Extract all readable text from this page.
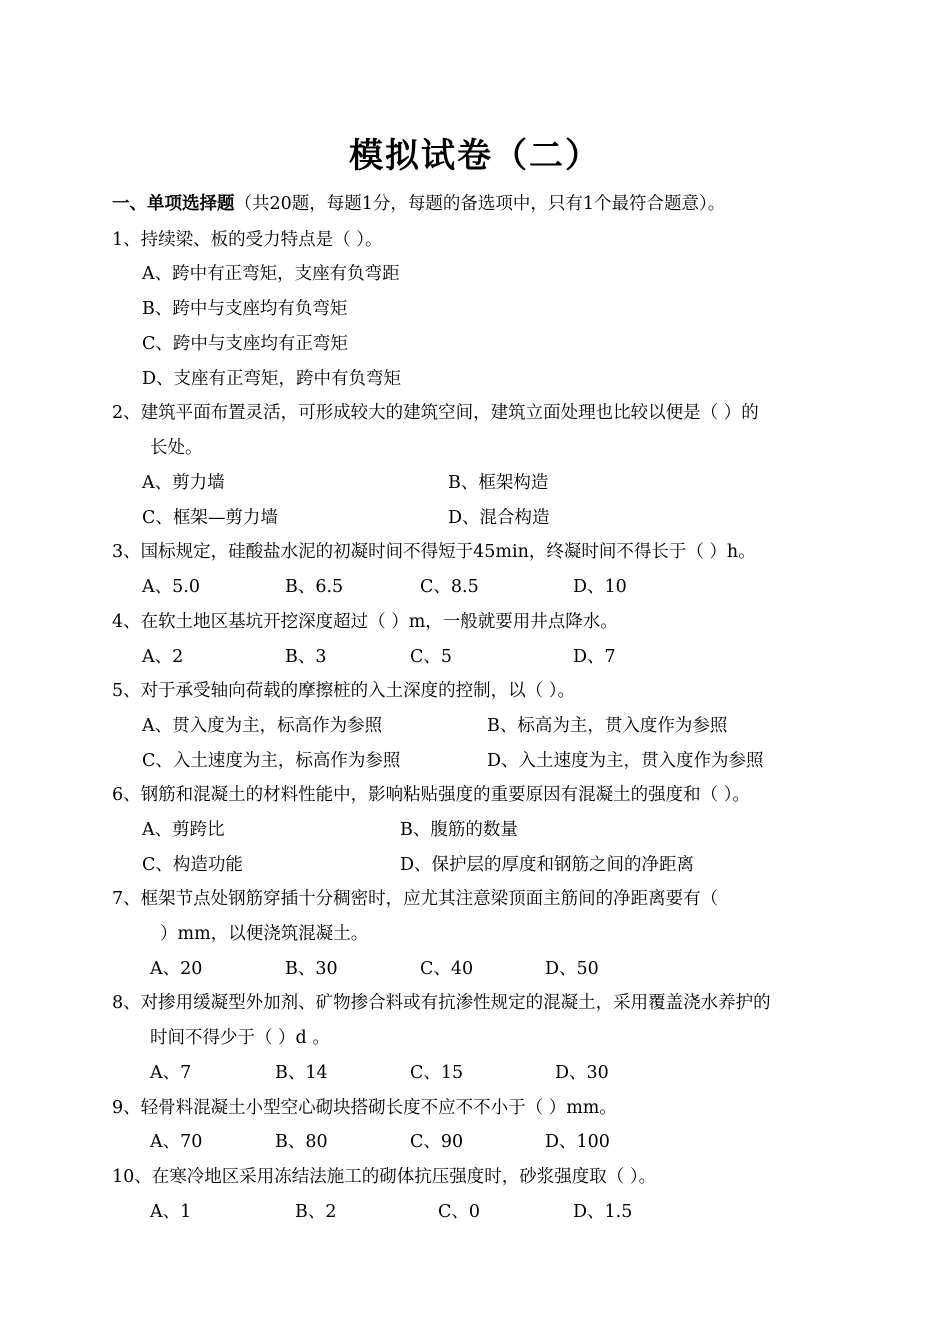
模拟试卷（二）
一、单项选择题（共20题，每题1分，每题的备选项中，只有1个最符合题意）。
1、持续梁、板的受力特点是（ ）。
A、跨中有正弯矩，支座有负弯距
B、跨中与支座均有负弯矩
C、跨中与支座均有正弯矩
D、支座有正弯矩，跨中有负弯矩
2、建筑平面布置灵活，可形成较大的建筑空间，建筑立面处理也比较以便是（ ）的
长处。
A、剪力墙	B、框架构造
C、框架—剪力墙	D、混合构造
3、国标规定，硅酸盐水泥的初凝时间不得短于45min，终凝时间不得长于（ ）h。
A、5.0	B、6.5	C、8.5	D、10
4、在软土地区基坑开挖深度超过（ ）m，一般就要用井点降水。
A、2	B、3	C、5	D、7
5、对于承受轴向荷载的摩擦桩的入土深度的控制，以（ ）。
A、贯入度为主，标高作为参照	B、标高为主，贯入度作为参照
C、入土速度为主，标高作为参照	D、入土速度为主，贯入度作为参照
6、钢筋和混凝土的材料性能中，影响粘贴强度的重要原因有混凝土的强度和（ ）。
A、剪跨比	B、腹筋的数量
C、构造功能	D、保护层的厚度和钢筋之间的净距离
7、框架节点处钢筋穿插十分稠密时，应尤其注意梁顶面主筋间的净距离要有（
）mm，以便浇筑混凝土。
A、20	B、30	C、40	D、50
8、对掺用缓凝型外加剂、矿物掺合料或有抗渗性规定的混凝土，采用覆盖浇水养护的
时间不得少于（ ）d 。
A、7	B、14	C、15	D、30
9、轻骨料混凝土小型空心砌块搭砌长度不应不不小于（ ）mm。
A、70	B、80	C、90	D、100
10、在寒冷地区采用冻结法施工的砌体抗压强度时，砂浆强度取（ ）。
A、1	B、2	C、0	D、1.5
